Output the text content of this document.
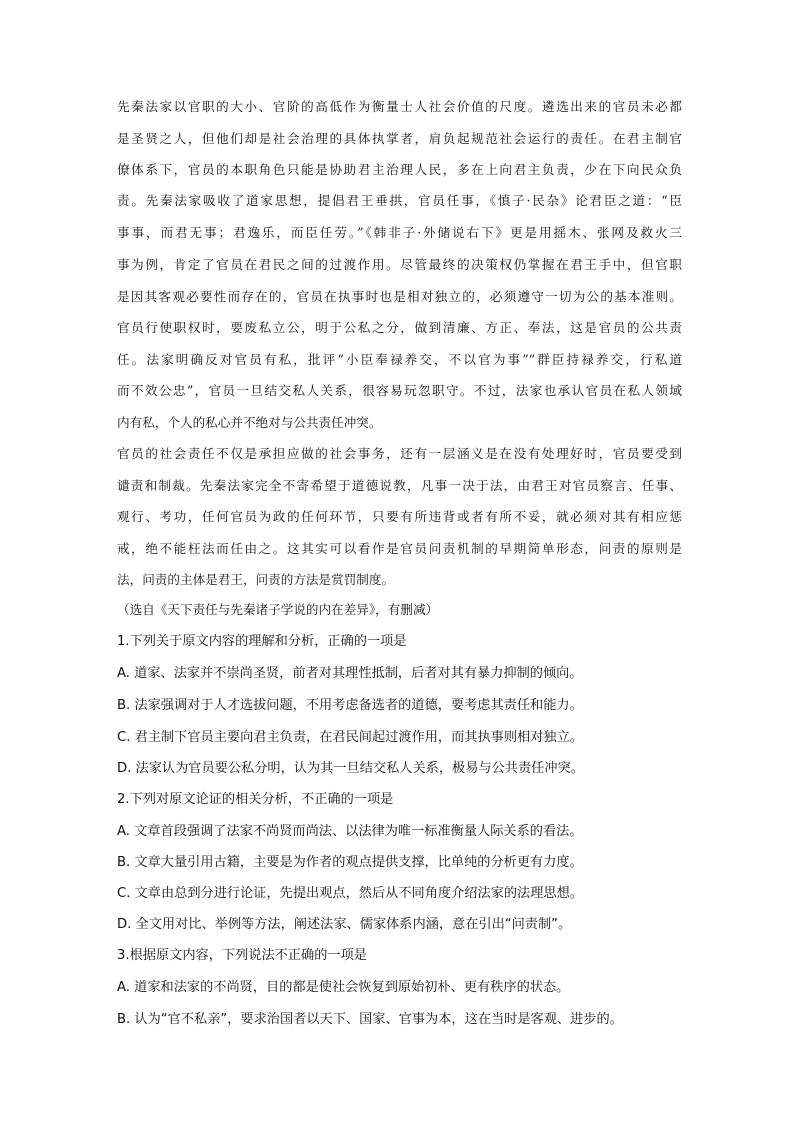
先秦法家以官职的大小、官阶的高低作为衡量士人社会价值的尺度。遴选出来的官员未必都
是圣贤之人，但他们却是社会治理的具体执掌者，肩负起规范社会运行的责任。在君主制官
僚体系下，官员的本职角色只能是协助君主治理人民，多在上向君主负责，少在下向民众负
责。先秦法家吸收了道家思想，提倡君王垂拱，官员任事，《慎子·民杂》论君臣之道：“臣
事事，而君无事；君逸乐，而臣任劳。”《韩非子·外储说右下》更是用摇木、张网及救火三
事为例，肯定了官员在君民之间的过渡作用。尽管最终的决策权仍掌握在君王手中，但官职
是因其客观必要性而存在的，官员在执事时也是相对独立的，必须遵守一切为公的基本准则。
官员行使职权时，要废私立公，明于公私之分，做到清廉、方正、奉法，这是官员的公共责
任。法家明确反对官员有私，批评“小臣奉禄养交，不以官为事”“群臣持禄养交，行私道
而不效公忠”，官员一旦结交私人关系，很容易玩忽职守。不过，法家也承认官员在私人领域
内有私，个人的私心并不绝对与公共责任冲突。
官员的社会责任不仅是承担应做的社会事务，还有一层涵义是在没有处理好时，官员要受到
谴责和制裁。先秦法家完全不寄希望于道德说教，凡事一决于法，由君王对官员察言、任事、
观行、考功，任何官员为政的任何环节，只要有所违背或者有所不妥，就必须对其有相应惩
戒，绝不能枉法而任由之。这其实可以看作是官员问责机制的早期简单形态，问责的原则是
法，问责的主体是君王，问责的方法是赏罚制度。
（选自《天下责任与先秦诸子学说的内在差异》，有删减）
1.下列关于原文内容的理解和分析，正确的一项是
A. 道家、法家并不崇尚圣贤，前者对其理性抵制，后者对其有暴力抑制的倾向。
B. 法家强调对于人才选拔问题，不用考虑备选者的道德，要考虑其责任和能力。
C. 君主制下官员主要向君主负责，在君民间起过渡作用，而其执事则相对独立。
D. 法家认为官员要公私分明，认为其一旦结交私人关系，极易与公共责任冲突。
2.下列对原文论证的相关分析，不正确的一项是
A. 文章首段强调了法家不尚贤而尚法、以法律为唯一标准衡量人际关系的看法。
B. 文章大量引用古籍，主要是为作者的观点提供支撑，比单纯的分析更有力度。
C. 文章由总到分进行论证，先提出观点，然后从不同角度介绍法家的法理思想。
D. 全文用对比、举例等方法，阐述法家、儒家体系内涵，意在引出“问责制”。
3.根据原文内容，下列说法不正确的一项是
A. 道家和法家的不尚贤，目的都是使社会恢复到原始初朴、更有秩序的状态。
B. 认为“官不私亲”，要求治国者以天下、国家、官事为本，这在当时是客观、进步的。
